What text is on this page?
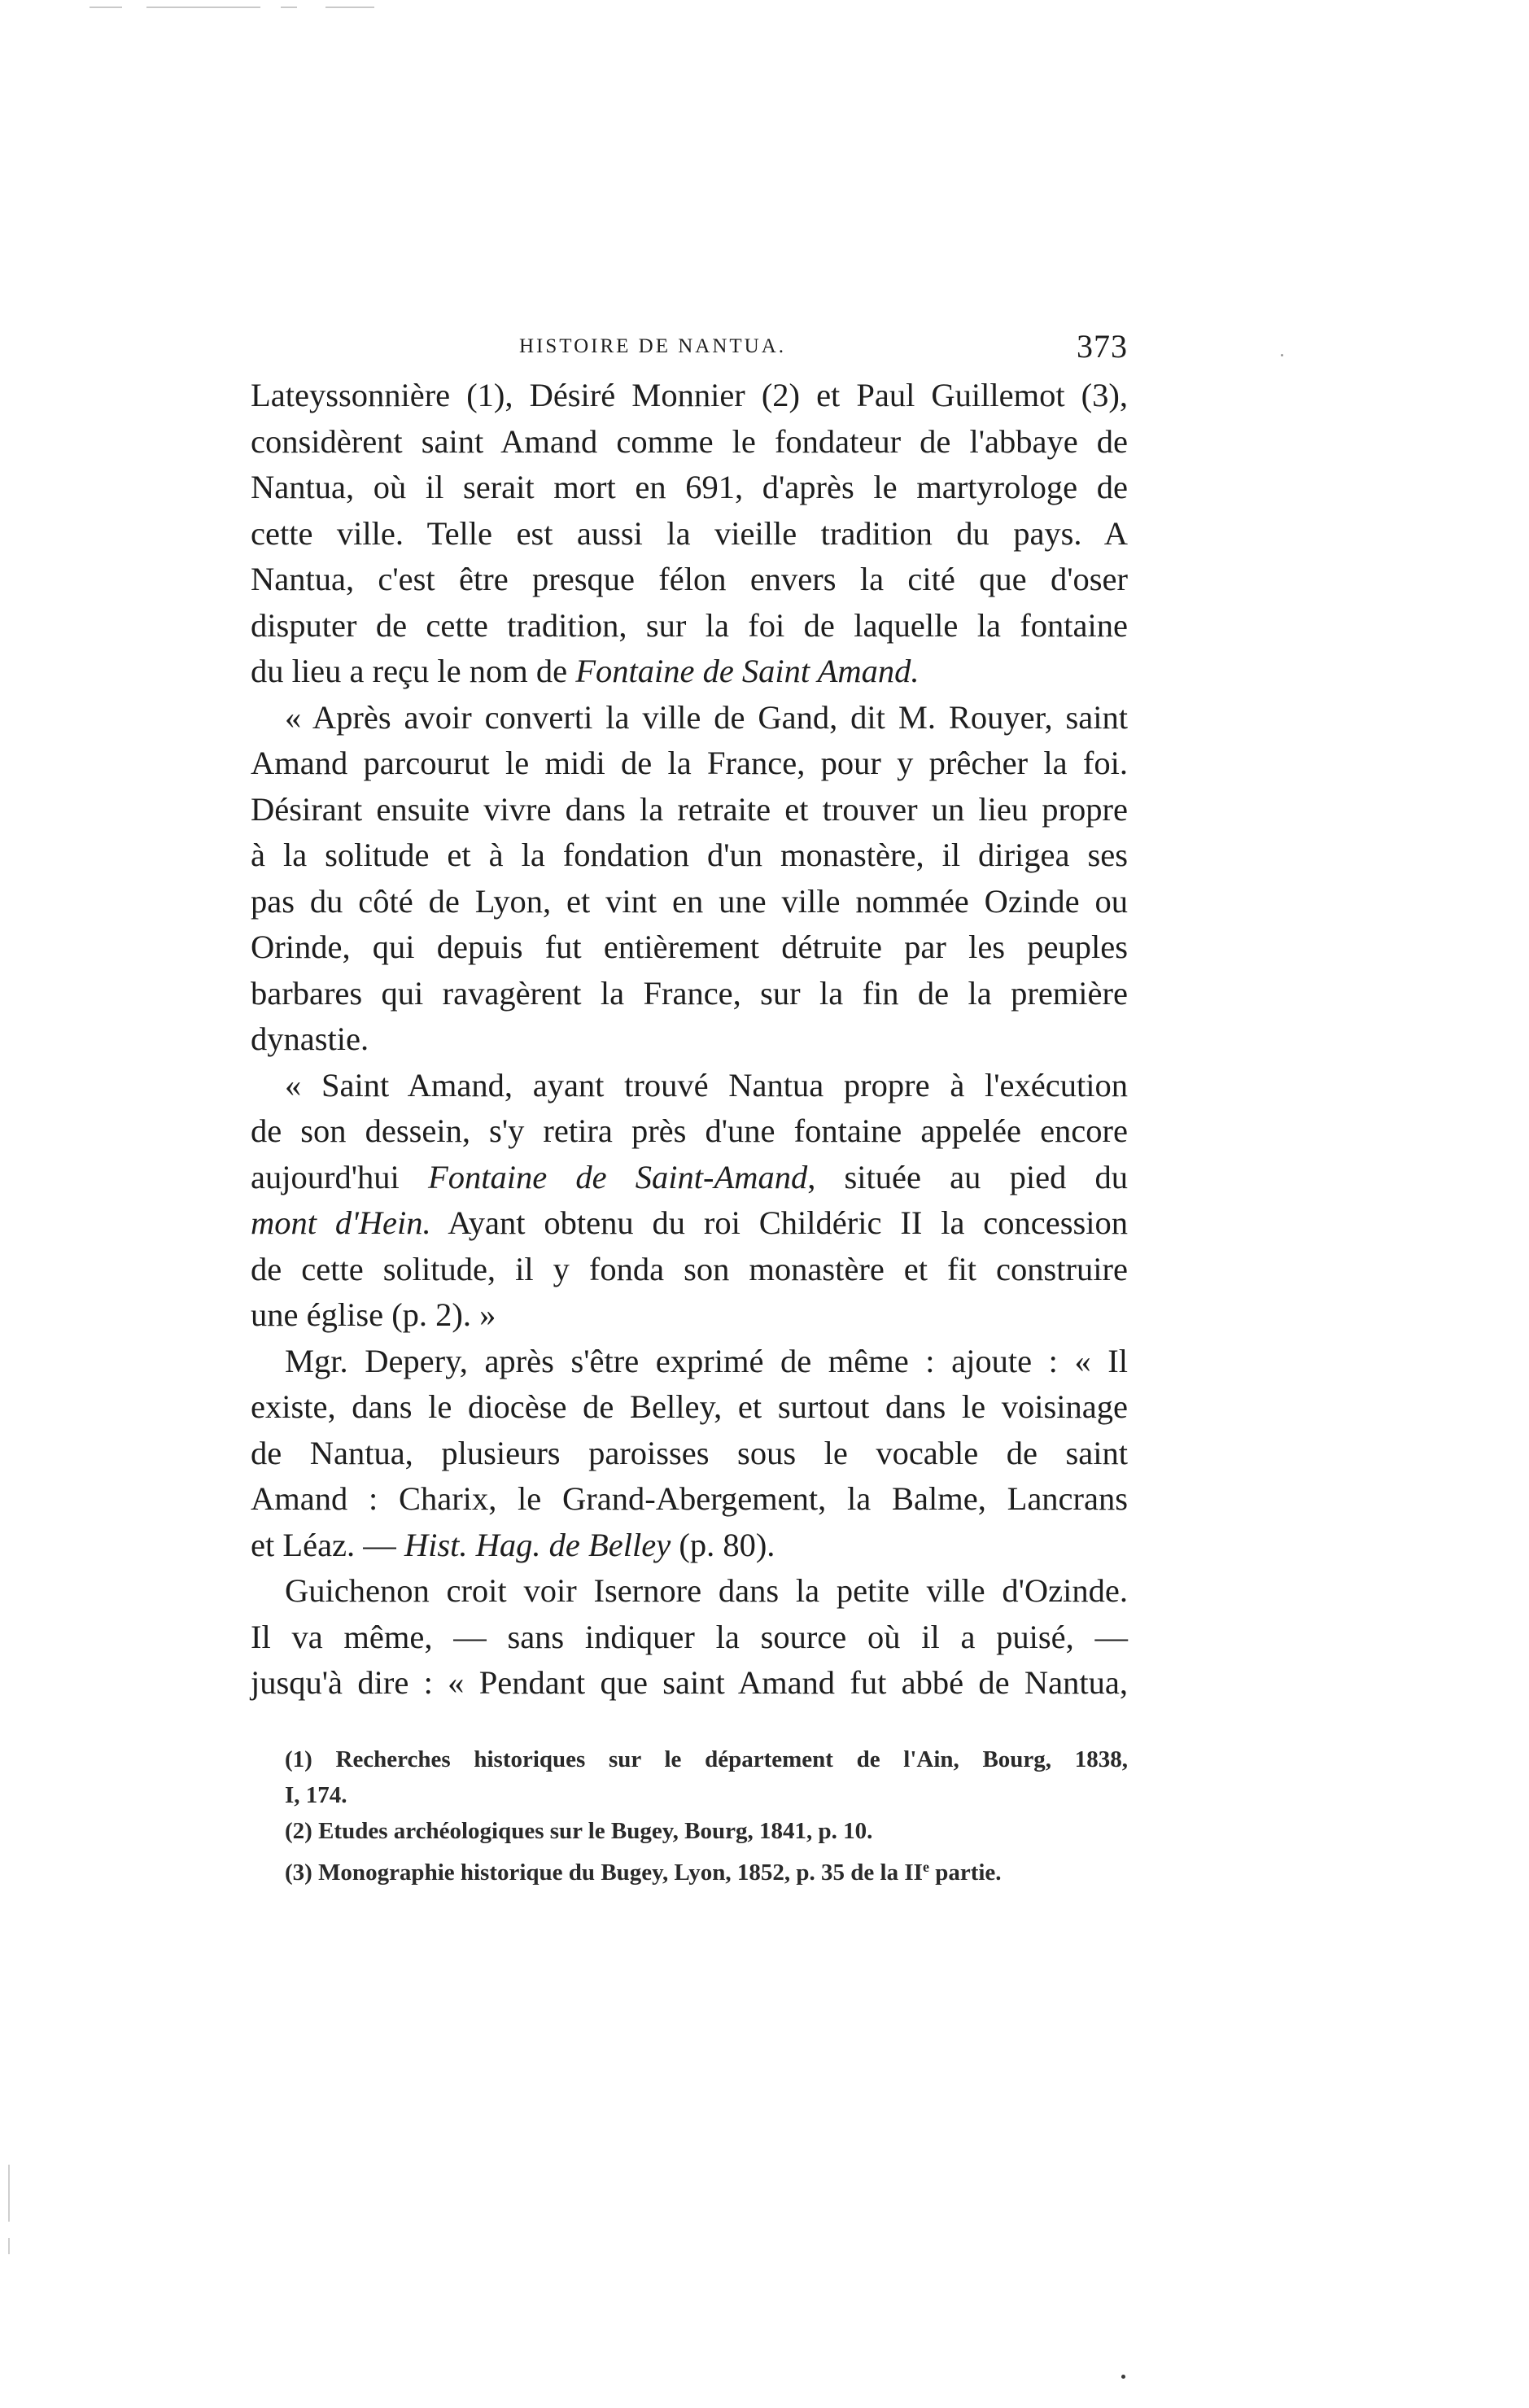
HISTOIRE DE NANTUA.	373
Lateyssonnière (1), Désiré Monnier (2) et Paul Guillemot (3),
considèrent saint Amand comme le fondateur de l'abbaye de
Nantua, où il serait mort en 691, d'après le martyrologe de
cette ville. Telle est aussi la vieille tradition du pays. A
Nantua, c'est être presque félon envers la cité que d'oser
disputer de cette tradition, sur la foi de laquelle la fontaine
du lieu a reçu le nom de Fontaine de Saint Amand.
« Après avoir converti la ville de Gand, dit M. Rouyer, saint
Amand parcourut le midi de la France, pour y prêcher la foi.
Désirant ensuite vivre dans la retraite et trouver un lieu propre
à la solitude et à la fondation d'un monastère, il dirigea ses
pas du côté de Lyon, et vint en une ville nommée Ozinde ou
Orinde, qui depuis fut entièrement détruite par les peuples
barbares qui ravagèrent la France, sur la fin de la première
dynastie.
« Saint Amand, ayant trouvé Nantua propre à l'exécution
de son dessein, s'y retira près d'une fontaine appelée encore
aujourd'hui Fontaine de Saint-Amand, située au pied du
mont d'Hein. Ayant obtenu du roi Childéric II la concession
de cette solitude, il y fonda son monastère et fit construire
une église (p. 2). »
Mgr. Depery, après s'être exprimé de même : ajoute : « Il
existe, dans le diocèse de Belley, et surtout dans le voisinage
de Nantua, plusieurs paroisses sous le vocable de saint
Amand : Charix, le Grand-Abergement, la Balme, Lancrans
et Léaz. — Hist. Hag. de Belley (p. 80).
Guichenon croit voir Isernore dans la petite ville d'Ozinde.
Il va même, — sans indiquer la source où il a puisé, —
jusqu'à dire : « Pendant que saint Amand fut abbé de Nantua,
(1) Recherches historiques sur le département de l'Ain, Bourg, 1838,
I, 174.
(2) Etudes archéologiques sur le Bugey, Bourg, 1841, p. 10.
(3) Monographie historique du Bugey, Lyon, 1852, p. 35 de la IIe partie.
